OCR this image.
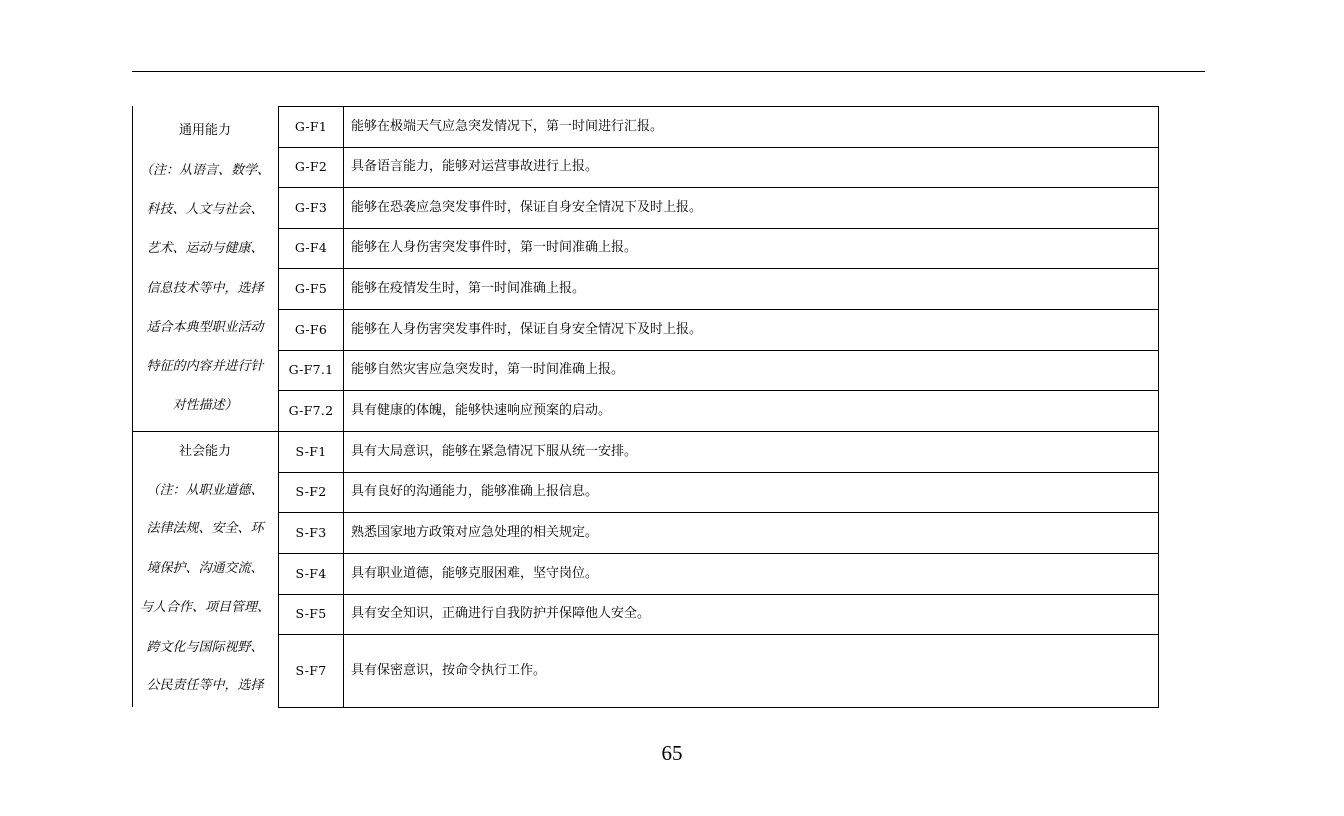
通用能力
（注：从语言、数学、
科技、人文与社会、
艺术、运动与健康、
信息技术等中，选择
适合本典型职业活动
特征的内容并进行针
对性描述）
G-F1	能够在极端天气应急突发情况下，第一时间进行汇报。
G-F2	具备语言能力，能够对运营事故进行上报。
G-F3	能够在恐袭应急突发事件时，保证自身安全情况下及时上报。
G-F4	能够在人身伤害突发事件时，第一时间准确上报。
G-F5	能够在疫情发生时，第一时间准确上报。
G-F6	能够在人身伤害突发事件时，保证自身安全情况下及时上报。
G-F7.1	能够自然灾害应急突发时，第一时间准确上报。
G-F7.2	具有健康的体魄，能够快速响应预案的启动。
社会能力
（注：从职业道德、
法律法规、安全、环
境保护、沟通交流、
与人合作、项目管理、
跨文化与国际视野、
公民责任等中，选择
S-F1	具有大局意识，能够在紧急情况下服从统一安排。
S-F2	具有良好的沟通能力，能够准确上报信息。
S-F3	熟悉国家地方政策对应急处理的相关规定。
S-F4	具有职业道德，能够克服困难，坚守岗位。
S-F5	具有安全知识，正确进行自我防护并保障他人安全。
S-F7	具有保密意识，按命令执行工作。
65
